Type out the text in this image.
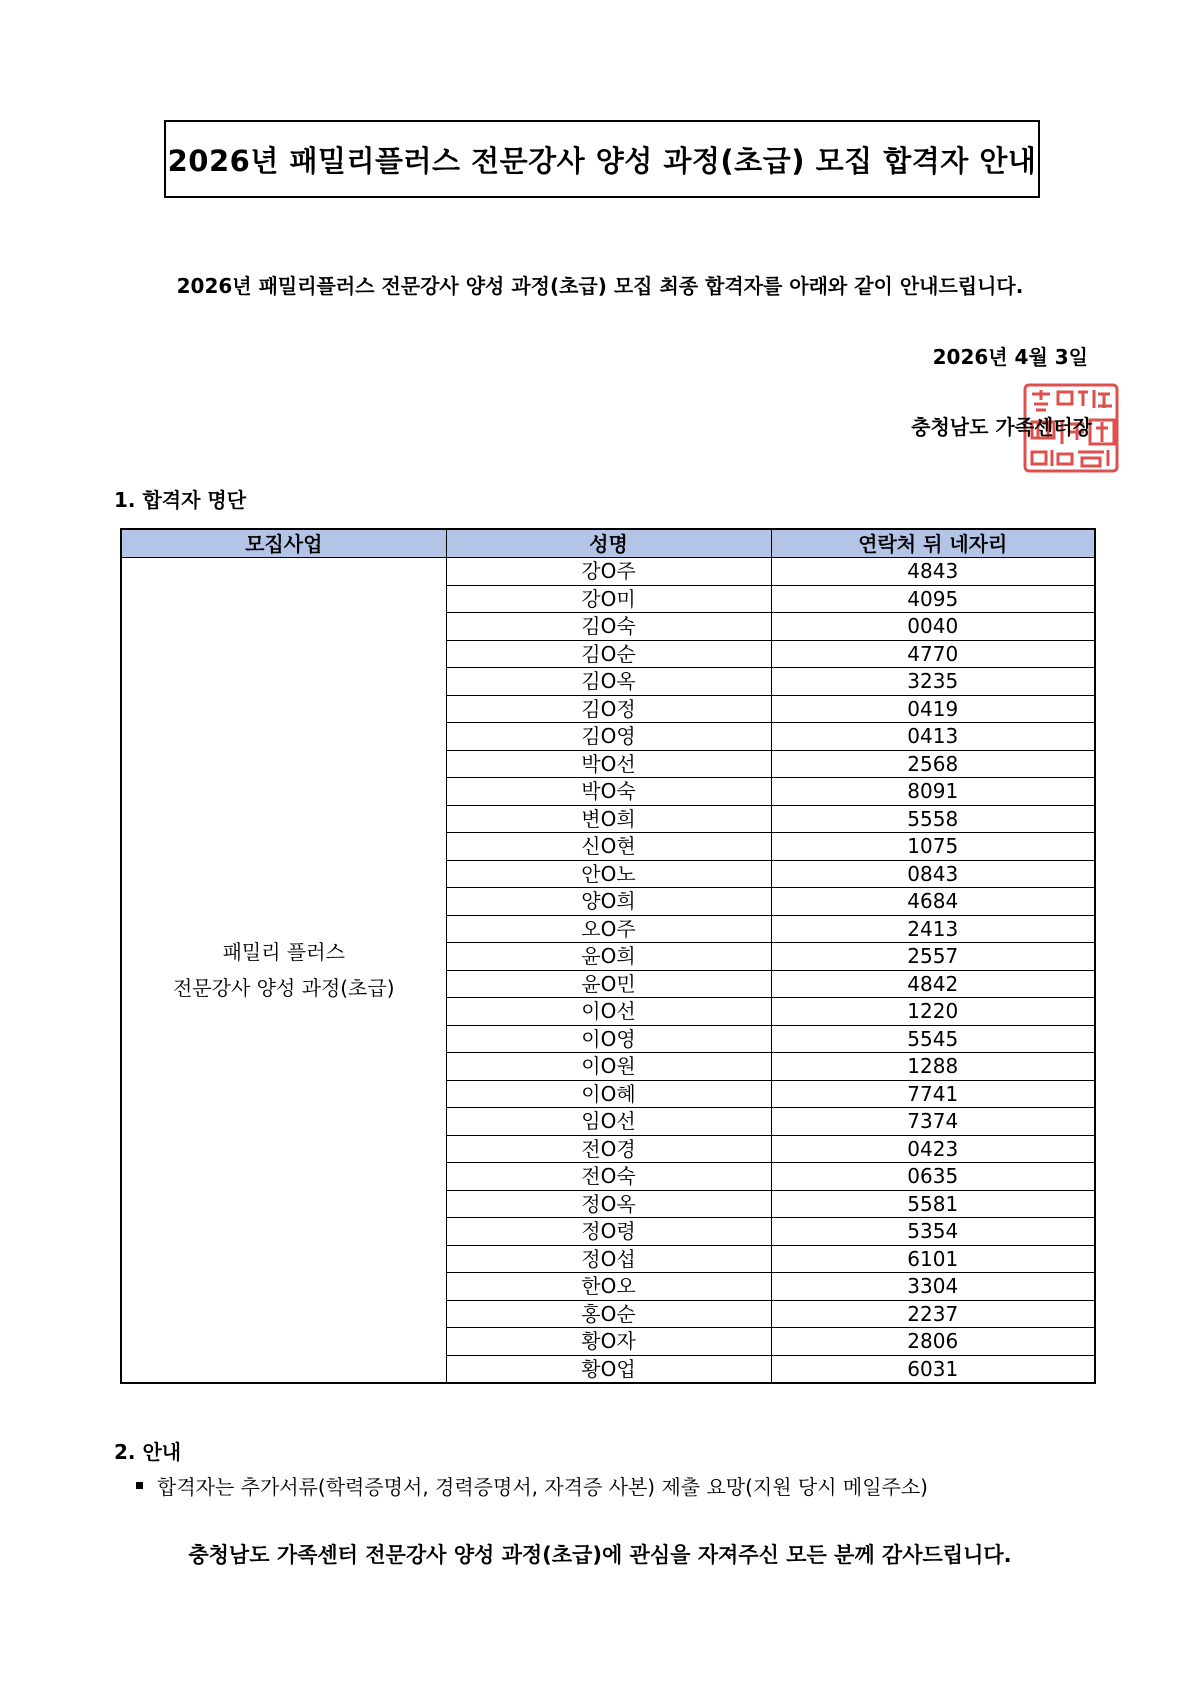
2026년 패밀리플러스 전문강사 양성 과정(초급) 모집 합격자 안내
2026년 패밀리플러스 전문강사 양성 과정(초급) 모집 최종 합격자를 아래와 같이 안내드립니다.
2026년 4월 3일
충청남도 가족센터장
1. 합격자 명단
모집사업	성명	연락처 뒤 네자리

패밀리 플러스
전문강사 양성 과정(초급)	강O주	4843
	강O미	4095
	김O숙	0040
	김O순	4770
	김O옥	3235
	김O정	0419
	김O영	0413
	박O선	2568
	박O숙	8091
	변O희	5558
	신O현	1075
	안O노	0843
	양O희	4684
	오O주	2413
	윤O희	2557
	윤O민	4842
	이O선	1220
	이O영	5545
	이O원	1288
	이O혜	7741
	임O선	7374
	전O경	0423
	전O숙	0635
	정O옥	5581
	정O령	5354
	정O섭	6101
	한O오	3304
	홍O순	2237
	황O자	2806
	황O업	6031
2. 안내
합격자는 추가서류(학력증명서, 경력증명서, 자격증 사본) 제출 요망(지원 당시 메일주소)
충청남도 가족센터 전문강사 양성 과정(초급)에 관심을 자져주신 모든 분께 감사드립니다.
